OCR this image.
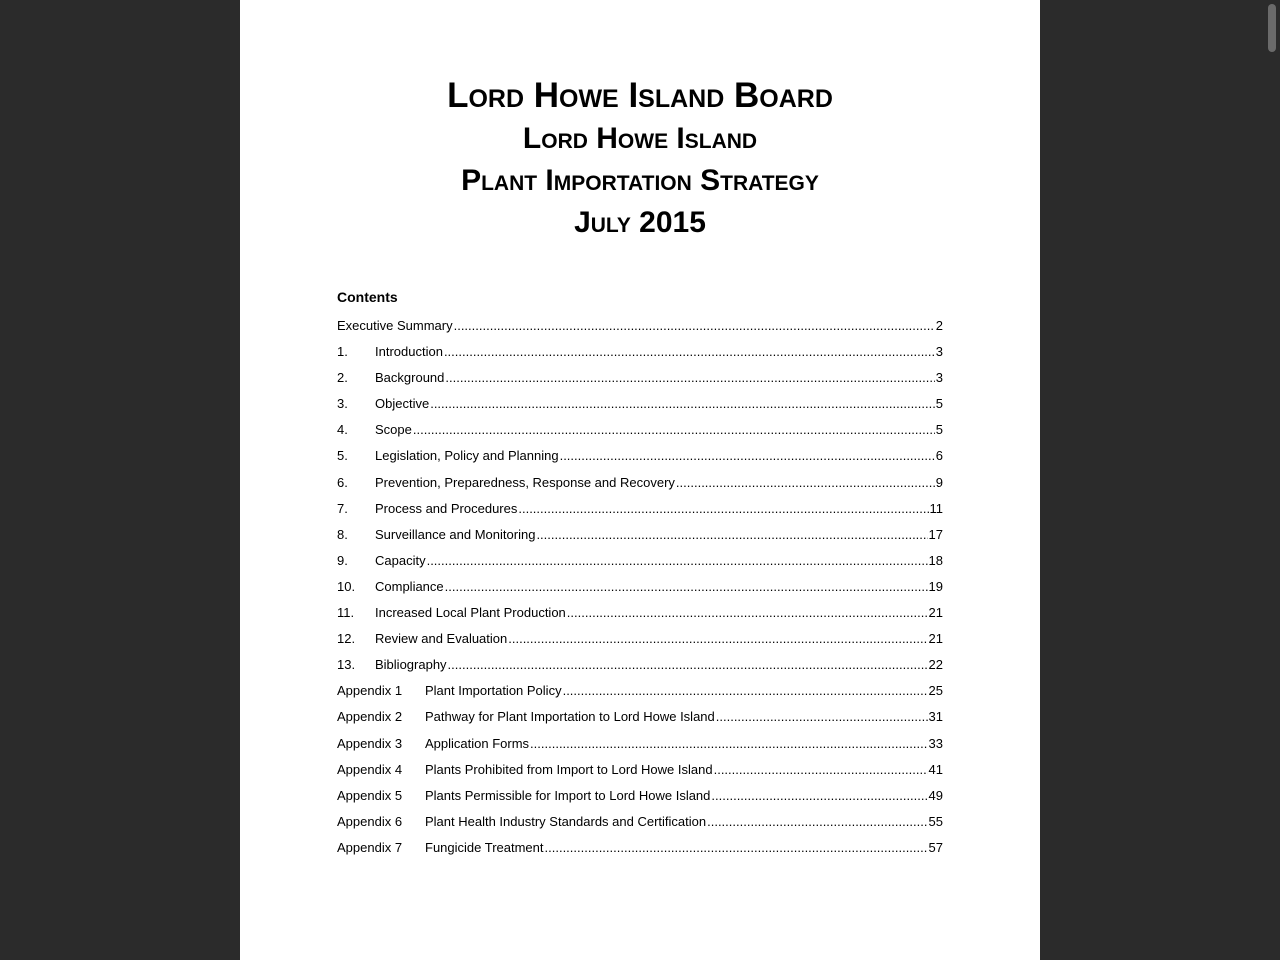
Lord Howe Island Board
Lord Howe Island
Plant Importation Strategy
July 2015
Contents
Executive Summary .....	2
1.	Introduction .....	3
2.	Background .....	3
3.	Objective .....	5
4.	Scope .....	5
5.	Legislation, Policy and Planning .....	6
6.	Prevention, Preparedness, Response and Recovery .....	9
7.	Process and Procedures .....	11
8.	Surveillance and Monitoring .....	17
9.	Capacity .....	18
10.	Compliance .....	19
11.	Increased Local Plant Production .....	21
12.	Review and Evaluation .....	21
13.	Bibliography .....	22
Appendix 1	Plant Importation Policy .....	25
Appendix 2	Pathway for Plant Importation to Lord Howe Island .....	31
Appendix 3	Application Forms .....	33
Appendix 4	Plants Prohibited from Import to Lord Howe Island .....	41
Appendix 5	Plants Permissible for Import to Lord Howe Island .....	49
Appendix 6	Plant Health Industry Standards and Certification .....	55
Appendix 7	Fungicide Treatment .....	57
